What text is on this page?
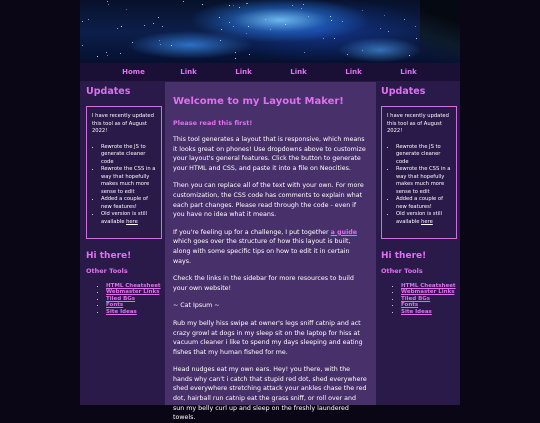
Home	Link	Link	Link	Link	Link
Updates

I have recently updated this tool as of August 2022!

• Rewrote the JS to generate cleaner code
• Rewrote the CSS in a way that hopefully makes much more sense to edit
• Added a couple of new features!
• Old version is still available here
Hi there!
Other Tools
• HTML Cheatsheet
• Webmaster Links
• Tiled BGs
• Fonts
• Site Ideas
Welcome to my Layout Maker!
Please read this first!

This tool generates a layout that is responsive, which means it looks great on phones! Use dropdowns above to customize your layout's general features. Click the button to generate your HTML and CSS, and paste it into a file on Neocities.

Then you can replace all of the text with your own. For more customization, the CSS code has comments to explain what each part changes. Please read through the code - even if you have no idea what it means.

If you're feeling up for a challenge, I put together a guide which goes over the structure of how this layout is built, along with some specific tips on how to edit it in certain ways.

Check the links in the sidebar for more resources to build your own website!

~ Cat Ipsum ~

Rub my belly hiss swipe at owner's legs sniff catnip and act crazy growl at dogs in my sleep sit on the laptop for hiss at vacuum cleaner i like to spend my days sleeping and eating fishes that my human fished for me.

Head nudges eat my own ears. Hey! you there, with the hands why can't i catch that stupid red dot, shed everywhere shed everywhere stretching attack your ankles chase the red dot, hairball run catnip eat the grass sniff, or roll over and sun my belly curl up and sleep on the freshly laundered towels.

Updates

I have recently updated this tool as of August 2022!

• Rewrote the JS to generate cleaner code
• Rewrote the CSS in a way that hopefully makes much more sense to edit
• Added a couple of new features!
• Old version is still available here
Hi there!
Other Tools
• HTML Cheatsheet
• Webmaster Links
• Tiled BGs
• Fonts
• Site Ideas
